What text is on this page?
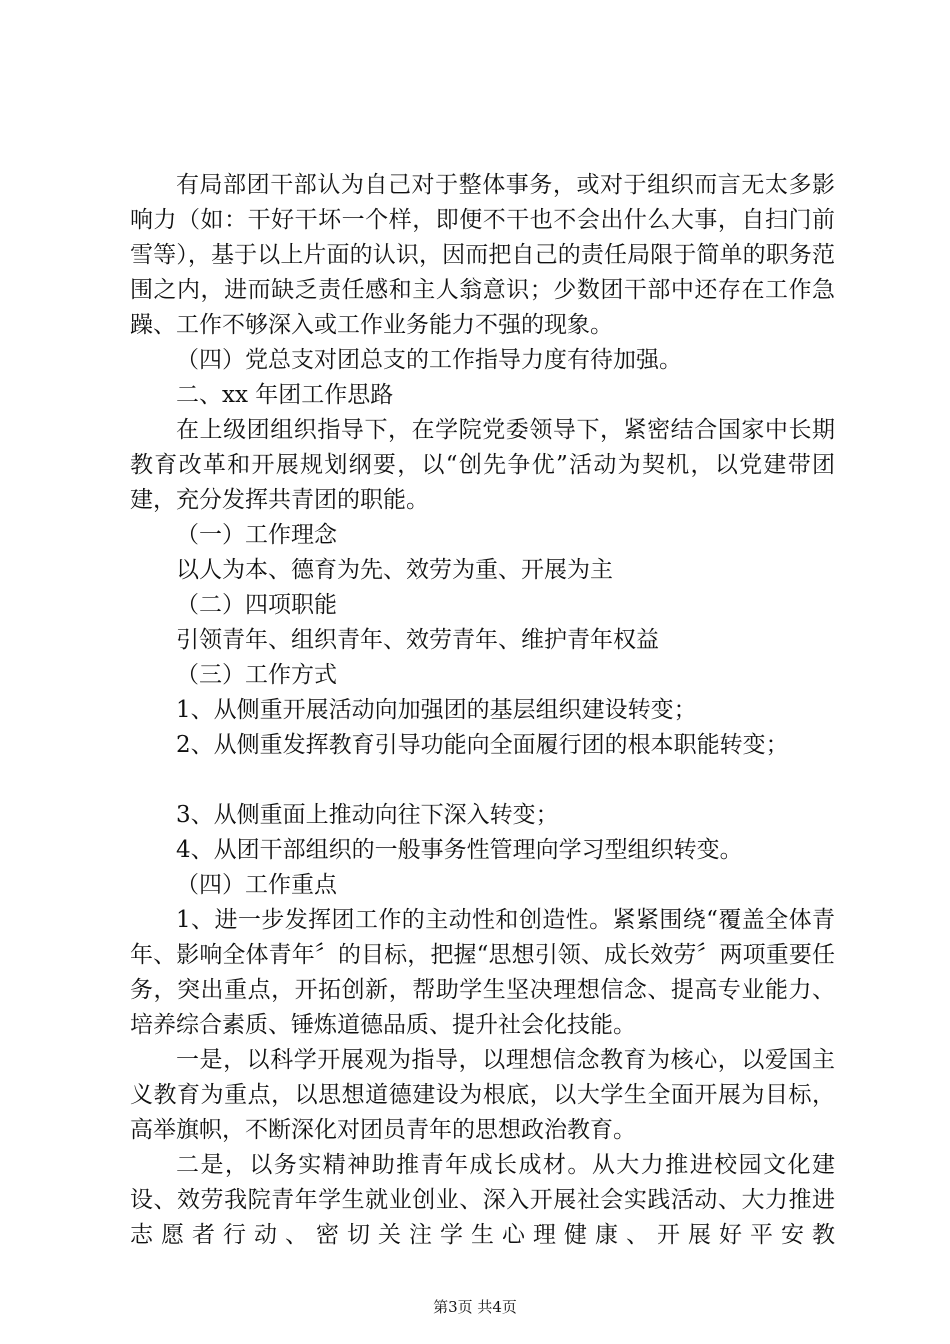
有局部团干部认为自己对于整体事务，或对于组织而言无太多影响力（如：干好干坏一个样，即便不干也不会出什么大事，自扫门前雪等），基于以上片面的认识，因而把自己的责任局限于简单的职务范围之内，进而缺乏责任感和主人翁意识；少数团干部中还存在工作急躁、工作不够深入或工作业务能力不强的现象。

（四）党总支对团总支的工作指导力度有待加强。

二、xx 年团工作思路

在上级团组织指导下，在学院党委领导下，紧密结合国家中长期教育改革和开展规划纲要，以“创先争优”活动为契机，以党建带团建，充分发挥共青团的职能。

（一）工作理念

以人为本、德育为先、效劳为重、开展为主

（二）四项职能

引领青年、组织青年、效劳青年、维护青年权益

（三）工作方式

1、从侧重开展活动向加强团的基层组织建设转变；

2、从侧重发挥教育引导功能向全面履行团的根本职能转变；

3、从侧重面上推动向往下深入转变；

4、从团干部组织的一般事务性管理向学习型组织转变。

（四）工作重点

1、进一步发挥团工作的主动性和创造性。紧紧围绕“覆盖全体青年、影响全体青年〞的目标，把握“思想引领、成长效劳〞两项重要任务，突出重点，开拓创新，帮助学生坚决理想信念、提高专业能力、培养综合素质、锤炼道德品质、提升社会化技能。

一是，以科学开展观为指导，以理想信念教育为核心，以爱国主义教育为重点，以思想道德建设为根底，以大学生全面开展为目标，高举旗帜，不断深化对团员青年的思想政治教育。

二是，以务实精神助推青年成长成材。从大力推进校园文化建设、效劳我院青年学生就业创业、深入开展社会实践活动、大力推进志愿者行动、密切关注学生心理健康、开展好平安教

第3页 共4页
